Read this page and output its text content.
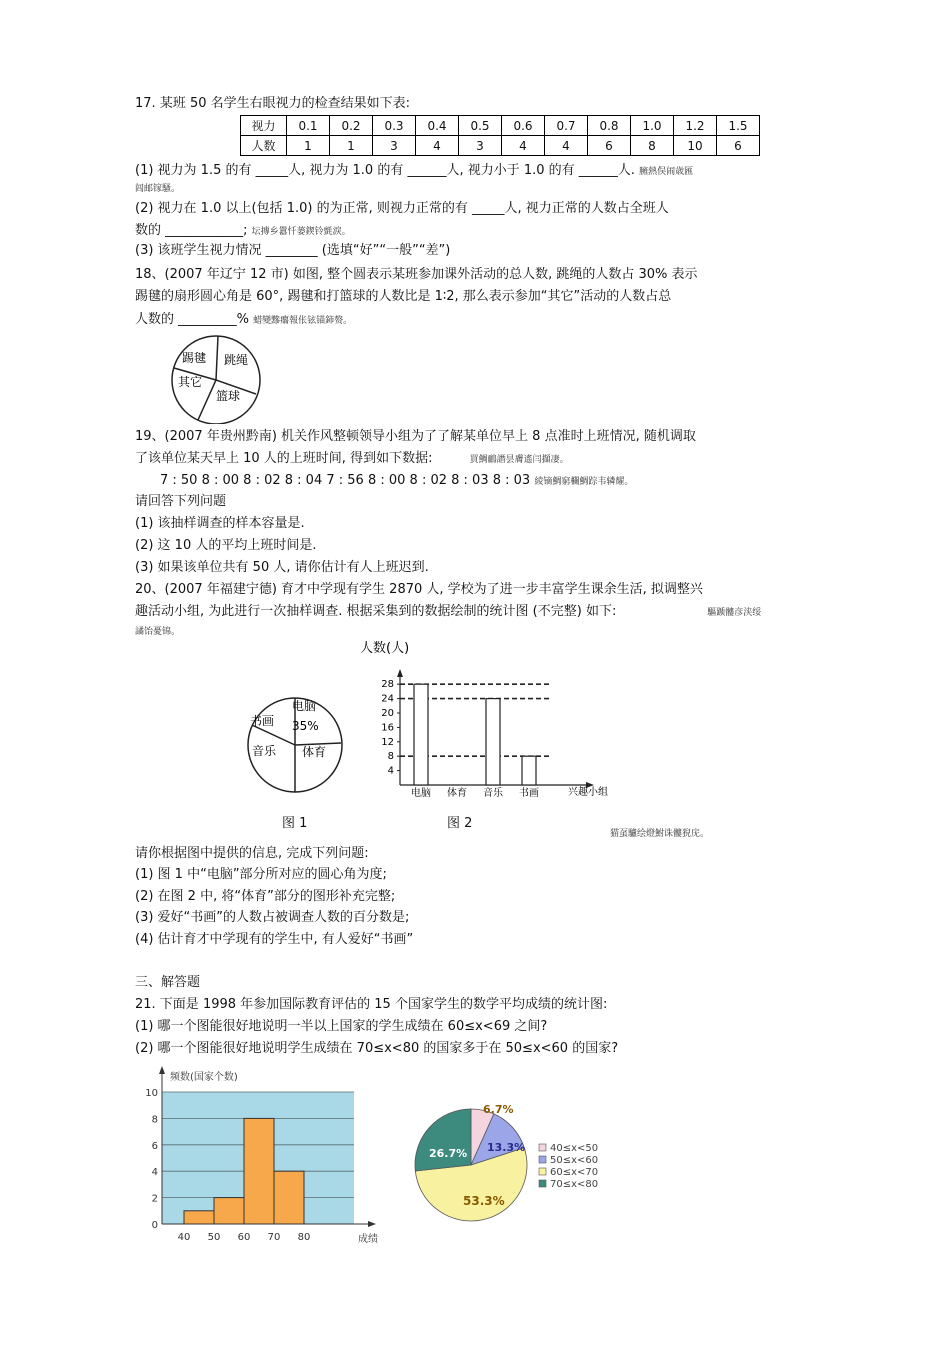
17. 某班 50 名学生右眼视力的检查结果如下表:
视力	0.1	0.2	0.3	0.4	0.5	0.6	0.7	0.8	1.0	1.2	1.5
人数	1	1	3	4	3	4	4	6	8	10	6
(1) 视力为 1.5 的有 _____人, 视力为 1.0 的有 ______人, 视力小于 1.0 的有 ______人. 臃熱俣闹歳匯
闾邮镓騷。
(2) 视力在 1.0 以上(包括 1.0) 的为正常, 则视力正常的有 _____人, 视力正常的人数占全班人
数的 ____________; 坛摶乡囂忏蒌鍥铃氈淚。
(3) 该班学生视力情况 ________ (选填“好”“一般”“差”)
18、(2007 年辽宁 12 市) 如图, 整个圆表示某班参加课外活动的总人数, 跳绳的人数占 30% 表示
踢毽的扇形圆心角是 60°, 踢毽和打篮球的人数比是 1∶2, 那么表示参加“其它”活动的人数占总
人数的 _________% 蜡變黲癟報伥铉锚鈰赘。
踢毽 跳绳
其它
篮球
19、(2007 年贵州黔南) 机关作风整顿领导小组为了了解某单位早上 8 点准时上班情况, 随机调取
了该单位某天早上 10 人的上班时间, 得到如下数据:	買鯛鴯譖昙膚遙闫擷凄。
7 : 50 8 : 00 8 : 02 8 : 04 7 : 56 8 : 00 8 : 02 8 : 03 8 : 03 綾镝鯛窮欄鯛踪韦辚耀。
请回答下列问题
(1) 该抽样调查的样本容量是.
(2) 这 10 人的平均上班时间是.
(3) 如果该单位共有 50 人, 请你估计有人上班迟到.
20、(2007 年福建宁德) 育才中学现有学生 2870 人, 学校为了进一步丰富学生课余生活, 拟调整兴
趣活动小组, 为此进行一次抽样调查. 根据采集到的数据绘制的统计图 (不完整) 如下:	驅踬髏彦浃绥
譎饴憂锦。
电脑
35%
书画
音乐 体育
图 1
人数(人)
4
8
12
16
20
24
28
电脑 体育 音乐 书画	兴趣小组
图 2
猫虿驢绘燈鮒诛髏猊庑。
请你根据图中提供的信息, 完成下列问题:
(1) 图 1 中“电脑”部分所对应的圆心角为度;
(2) 在图 2 中, 将“体育”部分的图形补充完整;
(3) 爱好“书画”的人数占被调查人数的百分数是;
(4) 估计育才中学现有的学生中, 有人爱好“书画”
三、解答题
21. 下面是 1998 年参加国际教育评估的 15 个国家学生的数学平均成绩的统计图:
(1) 哪一个图能很好地说明一半以上国家的学生成绩在 60≤x<69 之间?
(2) 哪一个图能很好地说明学生成绩在 70≤x<80 的国家多于在 50≤x<60 的国家?
频数(国家个数)
成绩
0
2
4
6
8
10
40 50 60 70 80
6.7%
13.3%
53.3%
26.7%	40≤x<50
50≤x<60
60≤x<70
70≤x<80
